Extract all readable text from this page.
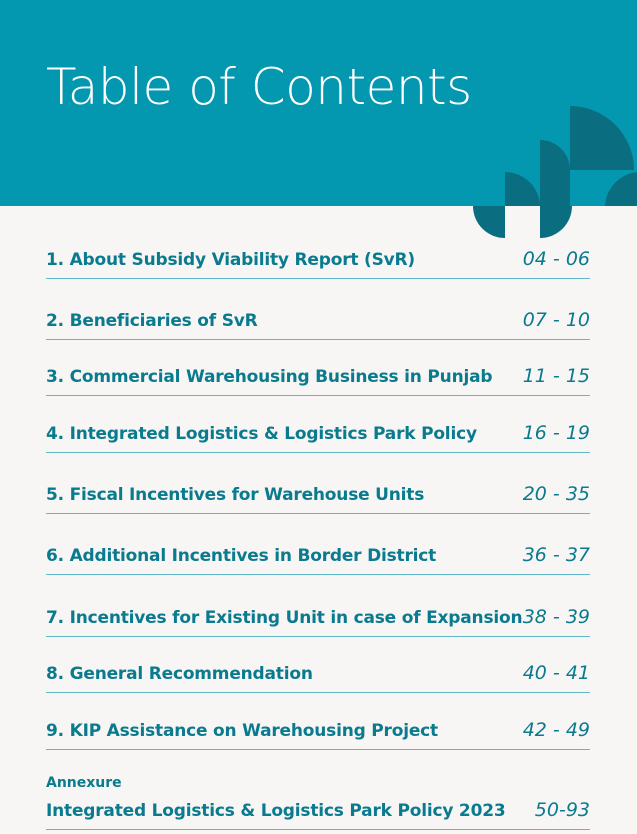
Table of Contents
1. About Subsidy Viability Report (SvR)	04 - 06
2. Beneficiaries of SvR	07 - 10
3. Commercial Warehousing Business in Punjab 11 - 15
4. Integrated Logistics & Logistics Park Policy 16 - 19
5. Fiscal Incentives for Warehouse Units	20 - 35
6. Additional Incentives in Border District	36 - 37
7. Incentives for Existing Unit in case of Expansion 38 - 39
8. General Recommendation	40 - 41
9. KIP Assistance on Warehousing Project	42 - 49
Annexure
Integrated Logistics & Logistics Park Policy 2023 50-93
